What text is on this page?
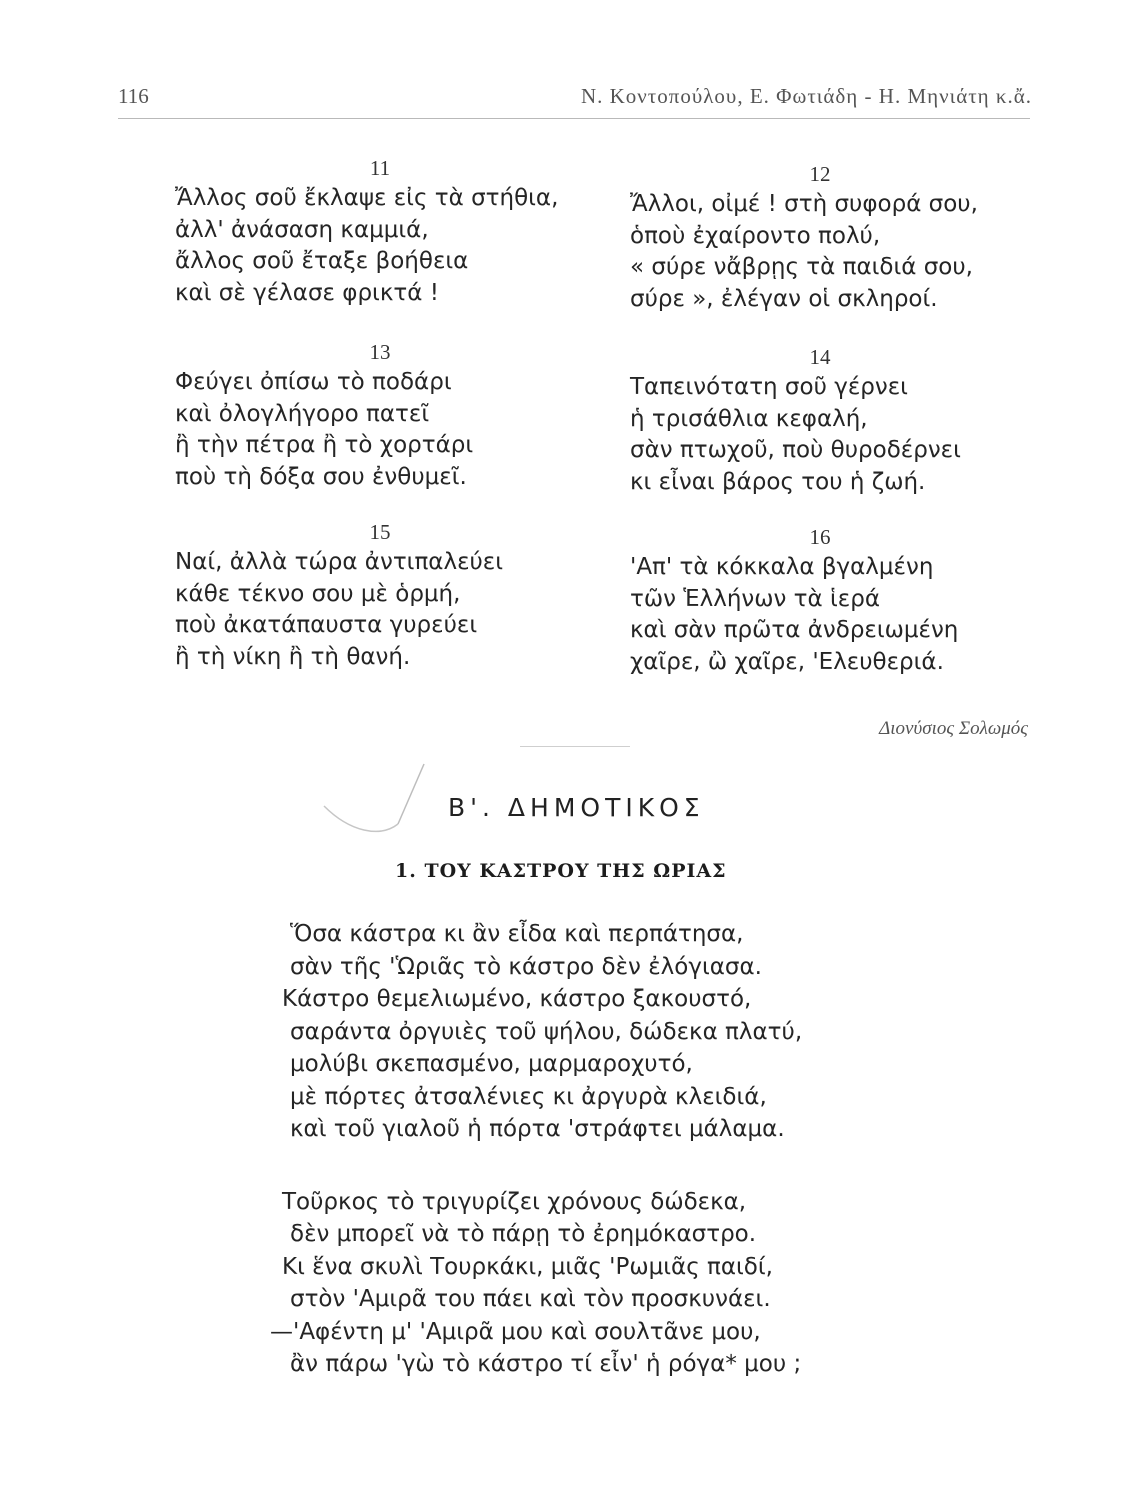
116	Ν. Κοντοπούλου, Ε. Φωτιάδη - Η. Μηνιάτη κ.ἄ.
11
Ἄλλος σοῦ ἔκλαψε εἰς τὰ στήθια,
ἀλλ' ἀνάσαση καμμιά,
ἄλλος σοῦ ἔταξε βοήθεια
καὶ σὲ γέλασε φρικτά !
13
Φεύγει ὀπίσω τὸ ποδάρι
καὶ ὀλογλήγορο πατεῖ
ἢ τὴν πέτρα ἢ τὸ χορτάρι
ποὺ τὴ δόξα σου ἐνθυμεῖ.
15
Ναί, ἀλλὰ τώρα ἀντιπαλεύει
κάθε τέκνο σου μὲ ὁρμή,
ποὺ ἀκατάπαυστα γυρεύει
ἢ τὴ νίκη ἢ τὴ θανή.
12
Ἄλλοι, οἰμέ ! στὴ συφορά σου,
ὁποὺ ἐχαίροντο πολύ,
« σύρε νἄβρῃς τὰ παιδιά σου,
σύρε », ἐλέγαν οἱ σκληροί.
14
Ταπεινότατη σοῦ γέρνει
ἡ τρισάθλια κεφαλή,
σὰν πτωχοῦ, ποὺ θυροδέρνει
κι εἶναι βάρος του ἡ ζωή.
16
'Απ' τὰ κόκκαλα βγαλμένη
τῶν Ἑλλήνων τὰ ἱερά
καὶ σὰν πρῶτα ἀνδρειωμένη
χαῖρε, ὢ χαῖρε, 'Ελευθεριά.
Διονύσιος Σολωμός
Β'. ΔΗΜΟΤΙΚΟΣ
1. ΤΟΥ ΚΑΣΤΡΟΥ ΤΗΣ ΩΡΙΑΣ
Ὅσα κάστρα κι ἂν εἶδα καὶ περπάτησα,
σὰν τῆς 'Ὡριᾶς τὸ κάστρο δὲν ἐλόγιασα.
Κάστρο θεμελιωμένο, κάστρο ξακουστό,
σαράντα ὀργυιὲς τοῦ ψήλου, δώδεκα πλατύ,
μολύβι σκεπασμένο, μαρμαροχυτό,
μὲ πόρτες ἀτσαλένιες κι ἀργυρὰ κλειδιά,
καὶ τοῦ γιαλοῦ ἡ πόρτα 'στράφτει μάλαμα.
Τοῦρκος τὸ τριγυρίζει χρόνους δώδεκα,
δὲν μπορεῖ νὰ τὸ πάρῃ τὸ ἐρημόκαστρο.
Κι ἕνα σκυλὶ Τουρκάκι, μιᾶς 'Ρωμιᾶς παιδί,
στὸν 'Αμιρᾶ του πάει καὶ τὸν προσκυνάει.
—'Αφέντη μ' 'Αμιρᾶ μου καὶ σουλτᾶνε μου,
ἂν πάρω 'γὼ τὸ κάστρο τί εἶν' ἡ ρόγα* μου ;
